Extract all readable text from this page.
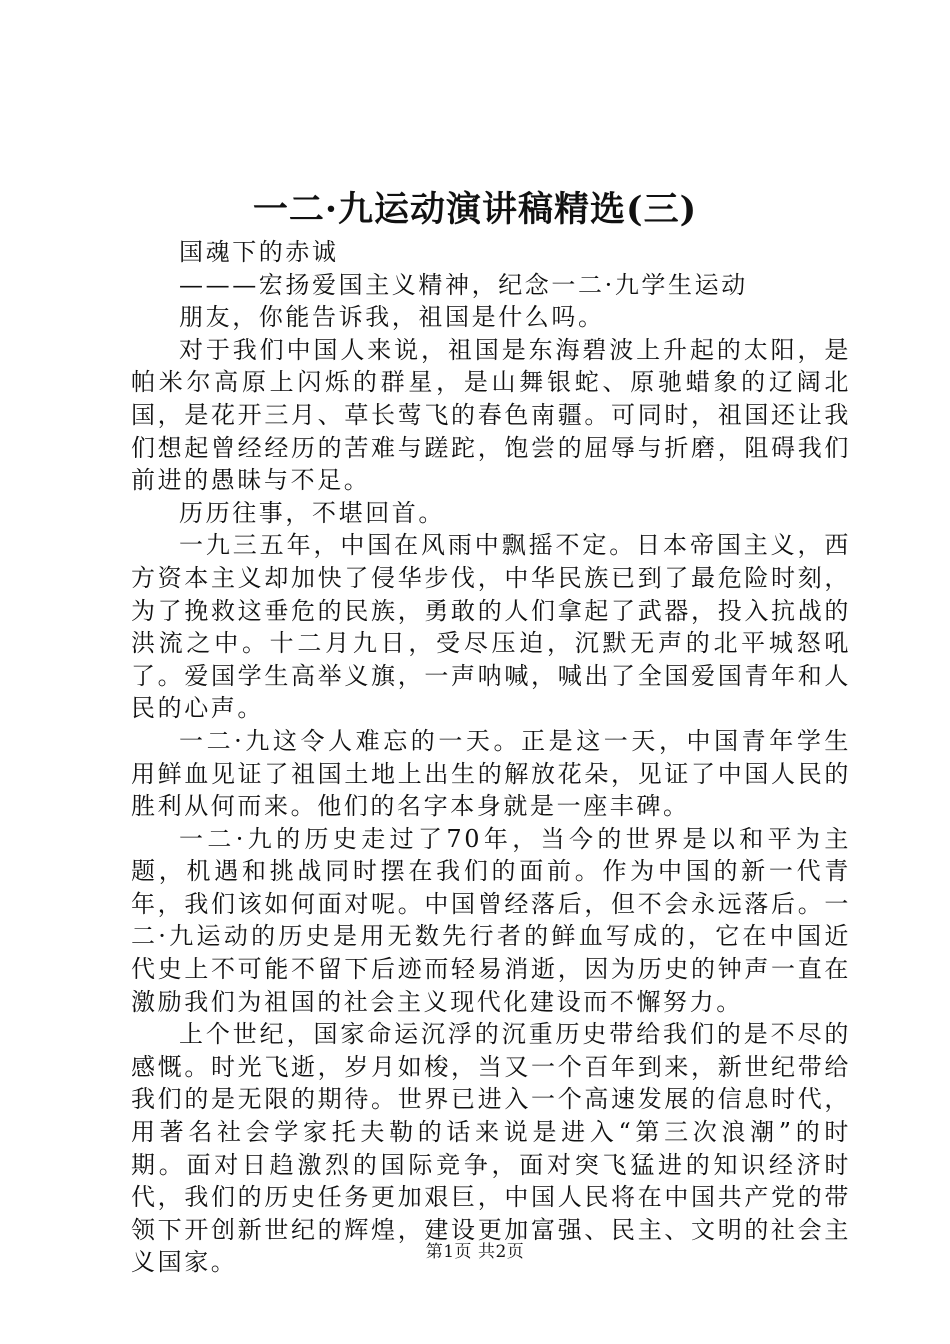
一二·九运动演讲稿精选(三)

国魂下的赤诚

———宏扬爱国主义精神，纪念一二·九学生运动

朋友，你能告诉我，祖国是什么吗。

对于我们中国人来说，祖国是东海碧波上升起的太阳，是帕米尔高原上闪烁的群星，是山舞银蛇、原驰蜡象的辽阔北国，是花开三月、草长莺飞的春色南疆。可同时，祖国还让我们想起曾经经历的苦难与蹉跎，饱尝的屈辱与折磨，阻碍我们前进的愚昧与不足。

历历往事，不堪回首。

一九三五年，中国在风雨中飘摇不定。日本帝国主义，西方资本主义却加快了侵华步伐，中华民族已到了最危险时刻，为了挽救这垂危的民族，勇敢的人们拿起了武器，投入抗战的洪流之中。十二月九日，受尽压迫，沉默无声的北平城怒吼了。爱国学生高举义旗，一声呐喊，喊出了全国爱国青年和人民的心声。

一二·九这令人难忘的一天。正是这一天，中国青年学生用鲜血见证了祖国土地上出生的解放花朵，见证了中国人民的胜利从何而来。他们的名字本身就是一座丰碑。

一二·九的历史走过了70年，当今的世界是以和平为主题，机遇和挑战同时摆在我们的面前。作为中国的新一代青年，我们该如何面对呢。中国曾经落后，但不会永远落后。一二·九运动的历史是用无数先行者的鲜血写成的，它在中国近代史上不可能不留下后迹而轻易消逝，因为历史的钟声一直在激励我们为祖国的社会主义现代化建设而不懈努力。

上个世纪，国家命运沉浮的沉重历史带给我们的是不尽的感慨。时光飞逝，岁月如梭，当又一个百年到来，新世纪带给我们的是无限的期待。世界已进入一个高速发展的信息时代，用著名社会学家托夫勒的话来说是进入“第三次浪潮”的时期。面对日趋激烈的国际竞争，面对突飞猛进的知识经济时代，我们的历史任务更加艰巨，中国人民将在中国共产党的带领下开创新世纪的辉煌，建设更加富强、民主、文明的社会主义国家。	第1页 共2页
